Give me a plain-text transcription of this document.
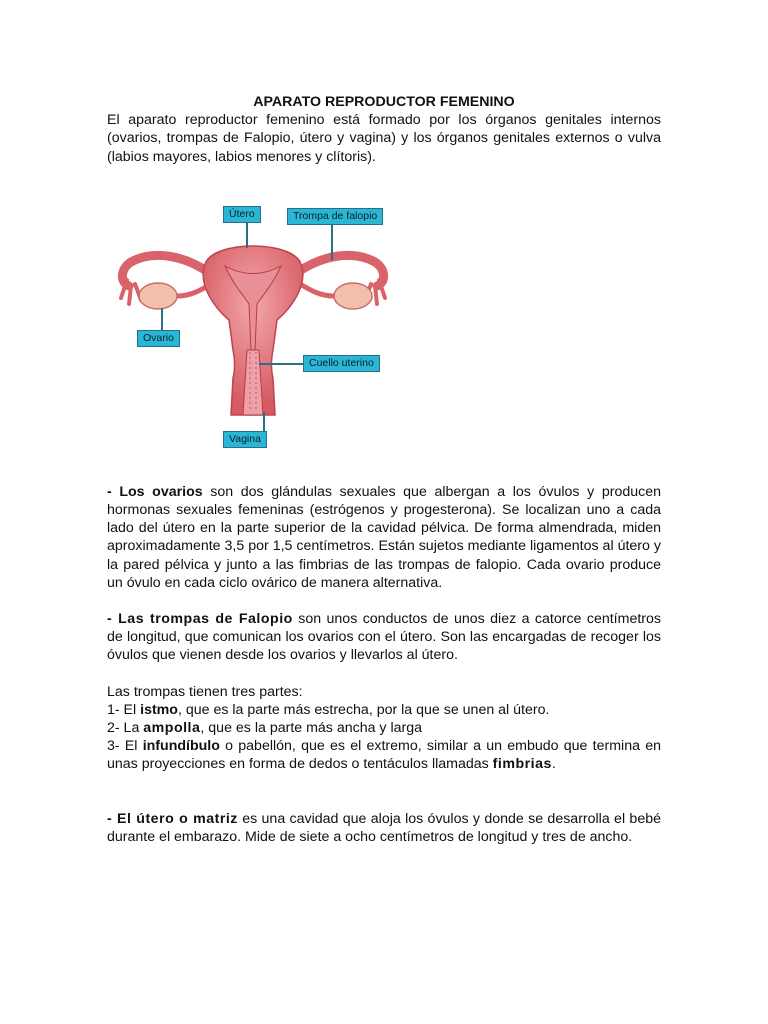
APARATO REPRODUCTOR FEMENINO

El aparato reproductor femenino está formado por los órganos genitales internos (ovarios, trompas de Falopio, útero y vagina) y los órganos genitales externos o vulva (labios mayores, labios menores y clítoris).

- Los ovarios son dos glándulas sexuales que albergan a los óvulos y producen hormonas sexuales femeninas (estrógenos y progesterona). Se localizan uno a cada lado del útero en la parte superior de la cavidad pélvica. De forma almendrada, miden aproximadamente 3,5 por 1,5 centímetros. Están sujetos mediante ligamentos al útero y la pared pélvica y junto a las fimbrias de las trompas de falopio. Cada ovario produce un óvulo en cada ciclo ovárico de manera alternativa.

- Las trompas de Falopio son unos conductos de unos diez a catorce centímetros de longitud, que comunican los ovarios con el útero. Son las encargadas de recoger los óvulos que vienen desde los ovarios y llevarlos al útero.

Las trompas tienen tres partes:

1- El istmo, que es la parte más estrecha, por la que se unen al útero.

2- La ampolla, que es la parte más ancha y larga

3- El infundíbulo o pabellón, que es el extremo, similar a un embudo que termina en unas proyecciones en forma de dedos o tentáculos llamadas fimbrias.

- El útero o matriz es una cavidad que aloja los óvulos y donde se desarrolla el bebé durante el embarazo. Mide de siete a ocho centímetros de longitud y tres de ancho.

Útero	Trompa de falopio
Ovario
Cuello uterino
Vagina
